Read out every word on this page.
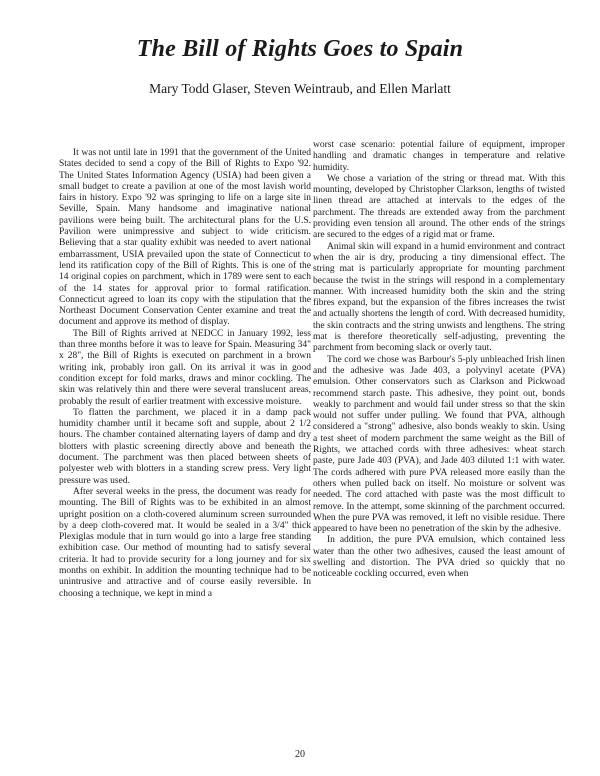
The Bill of Rights Goes to Spain
Mary Todd Glaser, Steven Weintraub, and Ellen Marlatt

It was not until late in 1991 that the government of the United States decided to send a copy of the Bill of Rights to Expo '92. The United States Information Agency (USIA) had been given a small budget to create a pavilion at one of the most lavish world fairs in history. Expo '92 was springing to life on a large site in Seville, Spain. Many handsome and imaginative national pavilions were being built. The architectural plans for the U.S. Pavilion were unimpressive and subject to wide criticism. Believing that a star quality exhibit was needed to avert national embarrassment, USIA prevailed upon the state of Connecticut to lend its ratification copy of the Bill of Rights. This is one of the 14 original copies on parchment, which in 1789 were sent to each of the 14 states for approval prior to formal ratification. Connecticut agreed to loan its copy with the stipulation that the Northeast Document Conservation Center examine and treat the document and approve its method of display.

The Bill of Rights arrived at NEDCC in January 1992, less than three months before it was to leave for Spain. Measuring 34" x 28", the Bill of Rights is executed on parchment in a brown writing ink, probably iron gall. On its arrival it was in good condition except for fold marks, draws and minor cockling. The skin was relatively thin and there were several translucent areas, probably the result of earlier treatment with excessive moisture.

To flatten the parchment, we placed it in a damp pack humidity chamber until it became soft and supple, about 2 1/2 hours. The chamber contained alternating layers of damp and dry blotters with plastic screening directly above and beneath the document. The parchment was then placed between sheets of polyester web with blotters in a standing screw press. Very light pressure was used.

After several weeks in the press, the document was ready for mounting. The Bill of Rights was to be exhibited in an almost upright position on a cloth-covered aluminum screen surrounded by a deep cloth-covered mat. It would be sealed in a 3/4" thick Plexiglas module that in turn would go into a large free standing exhibition case. Our method of mounting had to satisfy several criteria. It had to provide security for a long journey and for six months on exhibit. In addition the mounting technique had to be unintrusive and attractive and of course easily reversible. In choosing a technique, we kept in mind a

worst case scenario: potential failure of equipment, improper handling and dramatic changes in temperature and relative humidity.

We chose a variation of the string or thread mat. With this mounting, developed by Christopher Clarkson, lengths of twisted linen thread are attached at intervals to the edges of the parchment. The threads are extended away from the parchment providing even tension all around. The other ends of the strings are secured to the edges of a rigid mat or frame.

Animal skin will expand in a humid environment and contract when the air is dry, producing a tiny dimensional effect. The string mat is particularly appropriate for mounting parchment because the twist in the strings will respond in a complementary manner. With increased humidity both the skin and the string fibres expand, but the expansion of the fibres increases the twist and actually shortens the length of cord. With decreased humidity, the skin contracts and the string unwists and lengthens. The string mat is therefore theoretically self-adjusting, preventing the parchment from becoming slack or overly taut.

The cord we chose was Barbour's 5-ply unbleached Irish linen and the adhesive was Jade 403, a polyvinyl acetate (PVA) emulsion. Other conservators such as Clarkson and Pickwoad recommend starch paste. This adhesive, they point out, bonds weakly to parchment and would fail under stress so that the skin would not suffer under pulling. We found that PVA, although considered a "strong" adhesive, also bonds weakly to skin. Using a test sheet of modern parchment the same weight as the Bill of Rights, we attached cords with three adhesives: wheat starch paste, pure Jade 403 (PVA), and Jade 403 diluted 1:1 with water. The cords adhered with pure PVA released more easily than the others when pulled back on itself. No moisture or solvent was needed. The cord attached with paste was the most difficult to remove. In the attempt, some skinning of the parchment occurred. When the pure PVA was removed, it left no visible residue. There appeared to have been no penetration of the skin by the adhesive.

In addition, the pure PVA emulsion, which contained less water than the other two adhesives, caused the least amount of swelling and distortion. The PVA dried so quickly that no noticeable cockling occurred, even when

20
